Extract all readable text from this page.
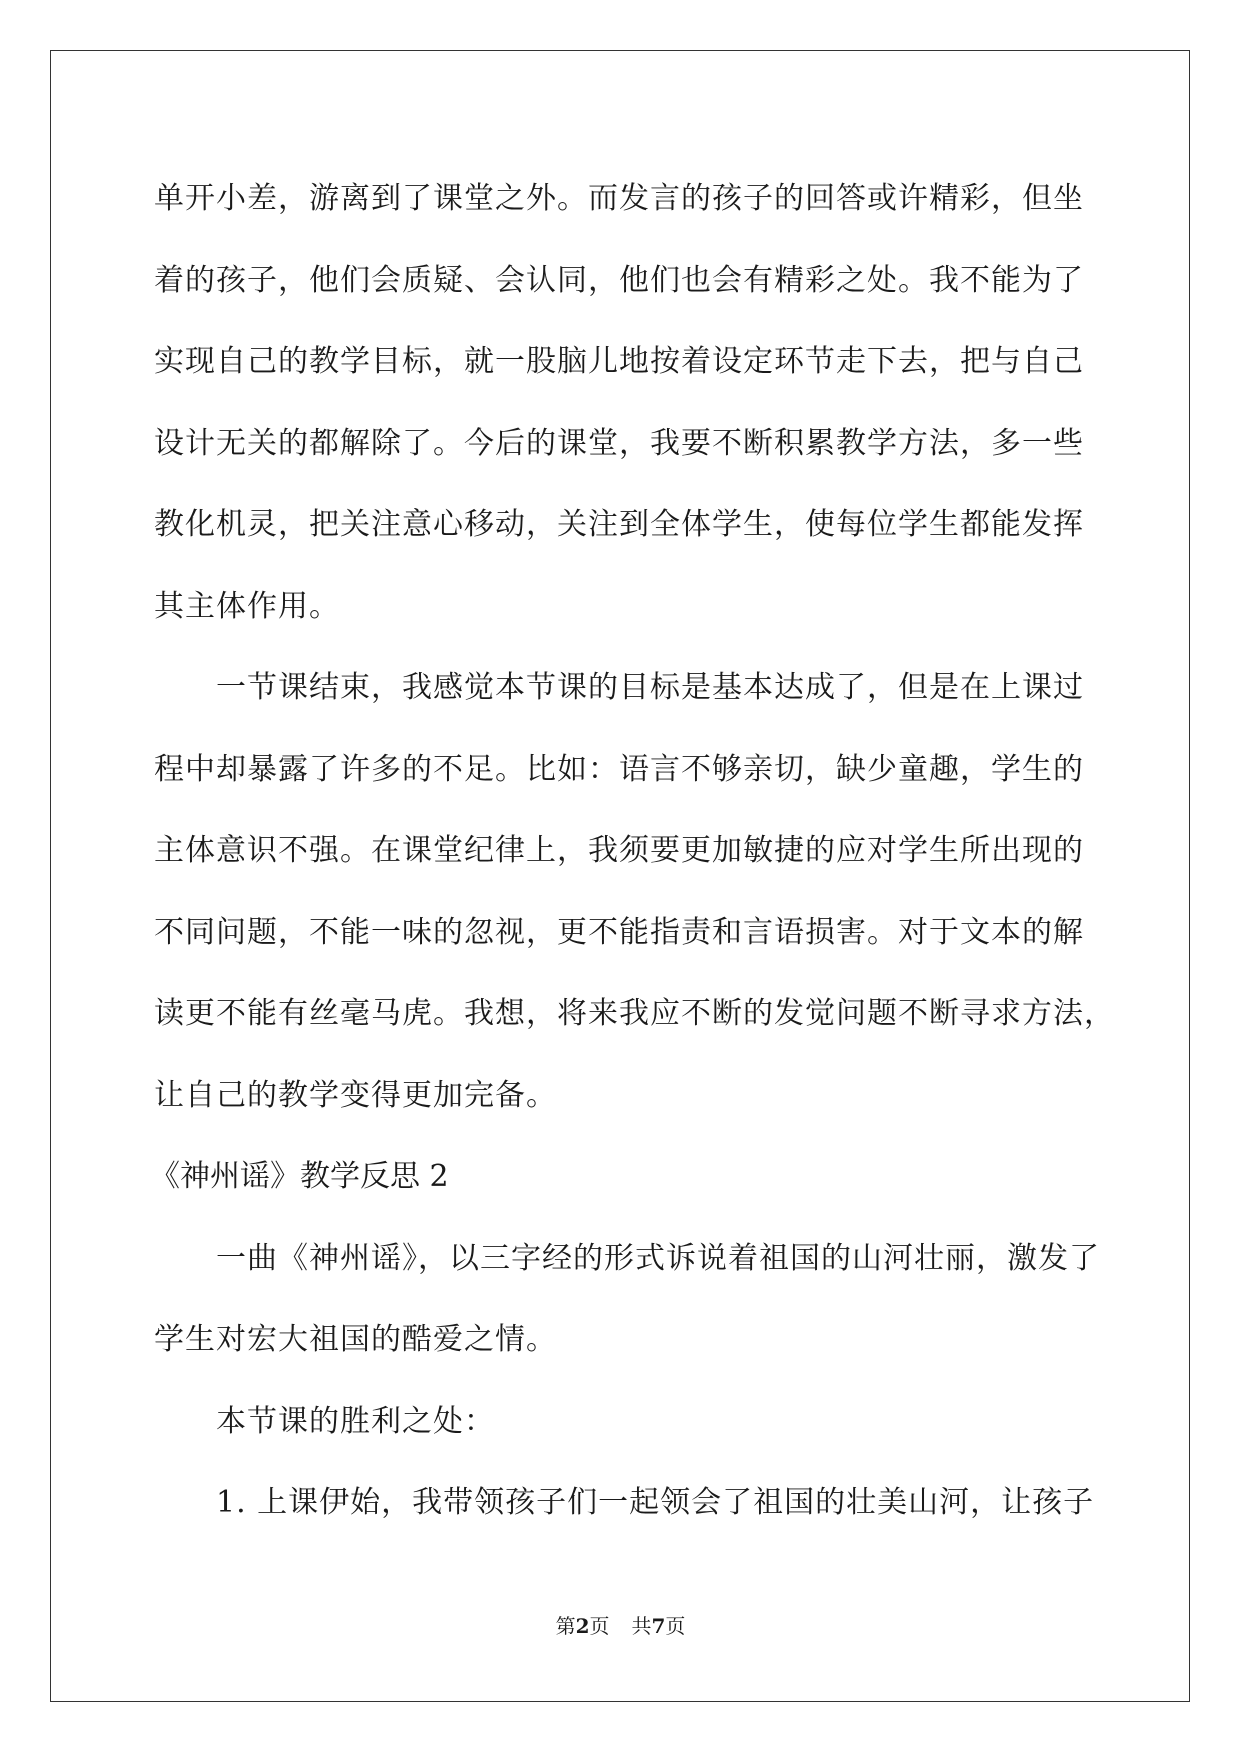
单开小差，游离到了课堂之外。而发言的孩子的回答或许精彩，但坐
着的孩子，他们会质疑、会认同，他们也会有精彩之处。我不能为了
实现自己的教学目标，就一股脑儿地按着设定环节走下去，把与自己
设计无关的都解除了。今后的课堂，我要不断积累教学方法，多一些
教化机灵，把关注意心移动，关注到全体学生，使每位学生都能发挥
其主体作用。
一节课结束，我感觉本节课的目标是基本达成了，但是在上课过
程中却暴露了许多的不足。比如：语言不够亲切，缺少童趣，学生的
主体意识不强。在课堂纪律上，我须要更加敏捷的应对学生所出现的
不同问题，不能一味的忽视，更不能指责和言语损害。对于文本的解
读更不能有丝毫马虎。我想，将来我应不断的发觉问题不断寻求方法，
让自己的教学变得更加完备。
《神州谣》教学反思 2
一曲《神州谣》，以三字经的形式诉说着祖国的山河壮丽，激发了
学生对宏大祖国的酷爱之情。
本节课的胜利之处：
1. 上课伊始，我带领孩子们一起领会了祖国的壮美山河，让孩子
第2页 共7页
